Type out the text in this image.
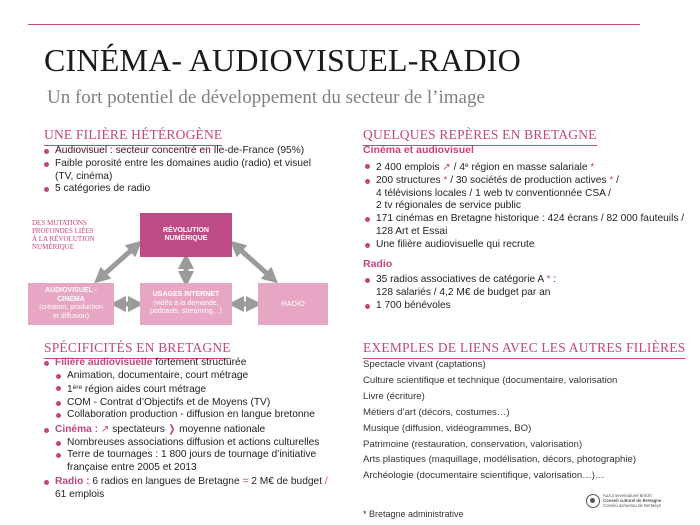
CINÉMA- AUDIOVISUEL-RADIO
Un fort potentiel de développement du secteur de l’image
UNE FILIÈRE HÉTÉROGÈNE
Audiovisuel : secteur concentré en Ile-de-France (95%)
Faible porosité entre les domaines audio (radio) et visuel
(TV, cinéma)
5 catégories de radio
DES MUTATIONS
PROFONDES LIÉES
À LA RÉVOLUTION
NUMÉRIQUE
RÉVOLUTION
NUMÉRIQUE
AUDIOVISUEL -
CINÉMA
(création, production
et diffusion)
USAGES INTERNET
(vidéo à la demande,
podcasts, streaming…)
RADIO
QUELQUES REPÈRES EN BRETAGNE
Cinéma et audiovisuel
2 400 emplois ↗ / 4e région en masse salariale *
200 structures * / 30 sociétés de production actives * /
4 télévisions locales / 1 web tv conventionnée CSA /
2 tv régionales de service public
171 cinémas en Bretagne historique : 424 écrans / 82 000 fauteuils /
128 Art et Essai
Une filière audiovisuelle qui recrute
Radio
35 radios associatives de catégorie A * :
128 salariés / 4,2 M€ de budget par an
1 700 bénévoles
SPÉCIFICITÉS EN BRETAGNE
Filière audiovisuelle fortement structurée
Animation, documentaire, court métrage
1ère région aides court métrage
COM - Contrat d’Objectifs et de Moyens (TV)
Collaboration production - diffusion en langue bretonne
Cinéma : ↗ spectateurs ❭ moyenne nationale
Nombreuses associations diffusion et actions culturelles
Terre de tournages : 1 800 jours de tournage d’initiative
française entre 2005 et 2013
Radio : 6 radios en langues de Bretagne = 2 M€ de budget /
61 emplois
EXEMPLES DE LIENS AVEC LES AUTRES FILIÈRES
Spectacle vivant (captations)
Culture scientifique et technique (documentaire, valorisation
Livre (écriture)
Métiers d’art (décors, costumes…)
Musique (diffusion, vidéogrammes, BO)
Patrimoine (restauration, conservation, valorisation)
Arts plastiques (maquillage, modélisation, décors, photographie)
Archéologie (documentaire scientifique, valorisation…)…
* Bretagne administrative
Kuzul sevenadurel Breizh
Conseil culturel de Bretagne
Conseù achuerau de Bertaèyn
